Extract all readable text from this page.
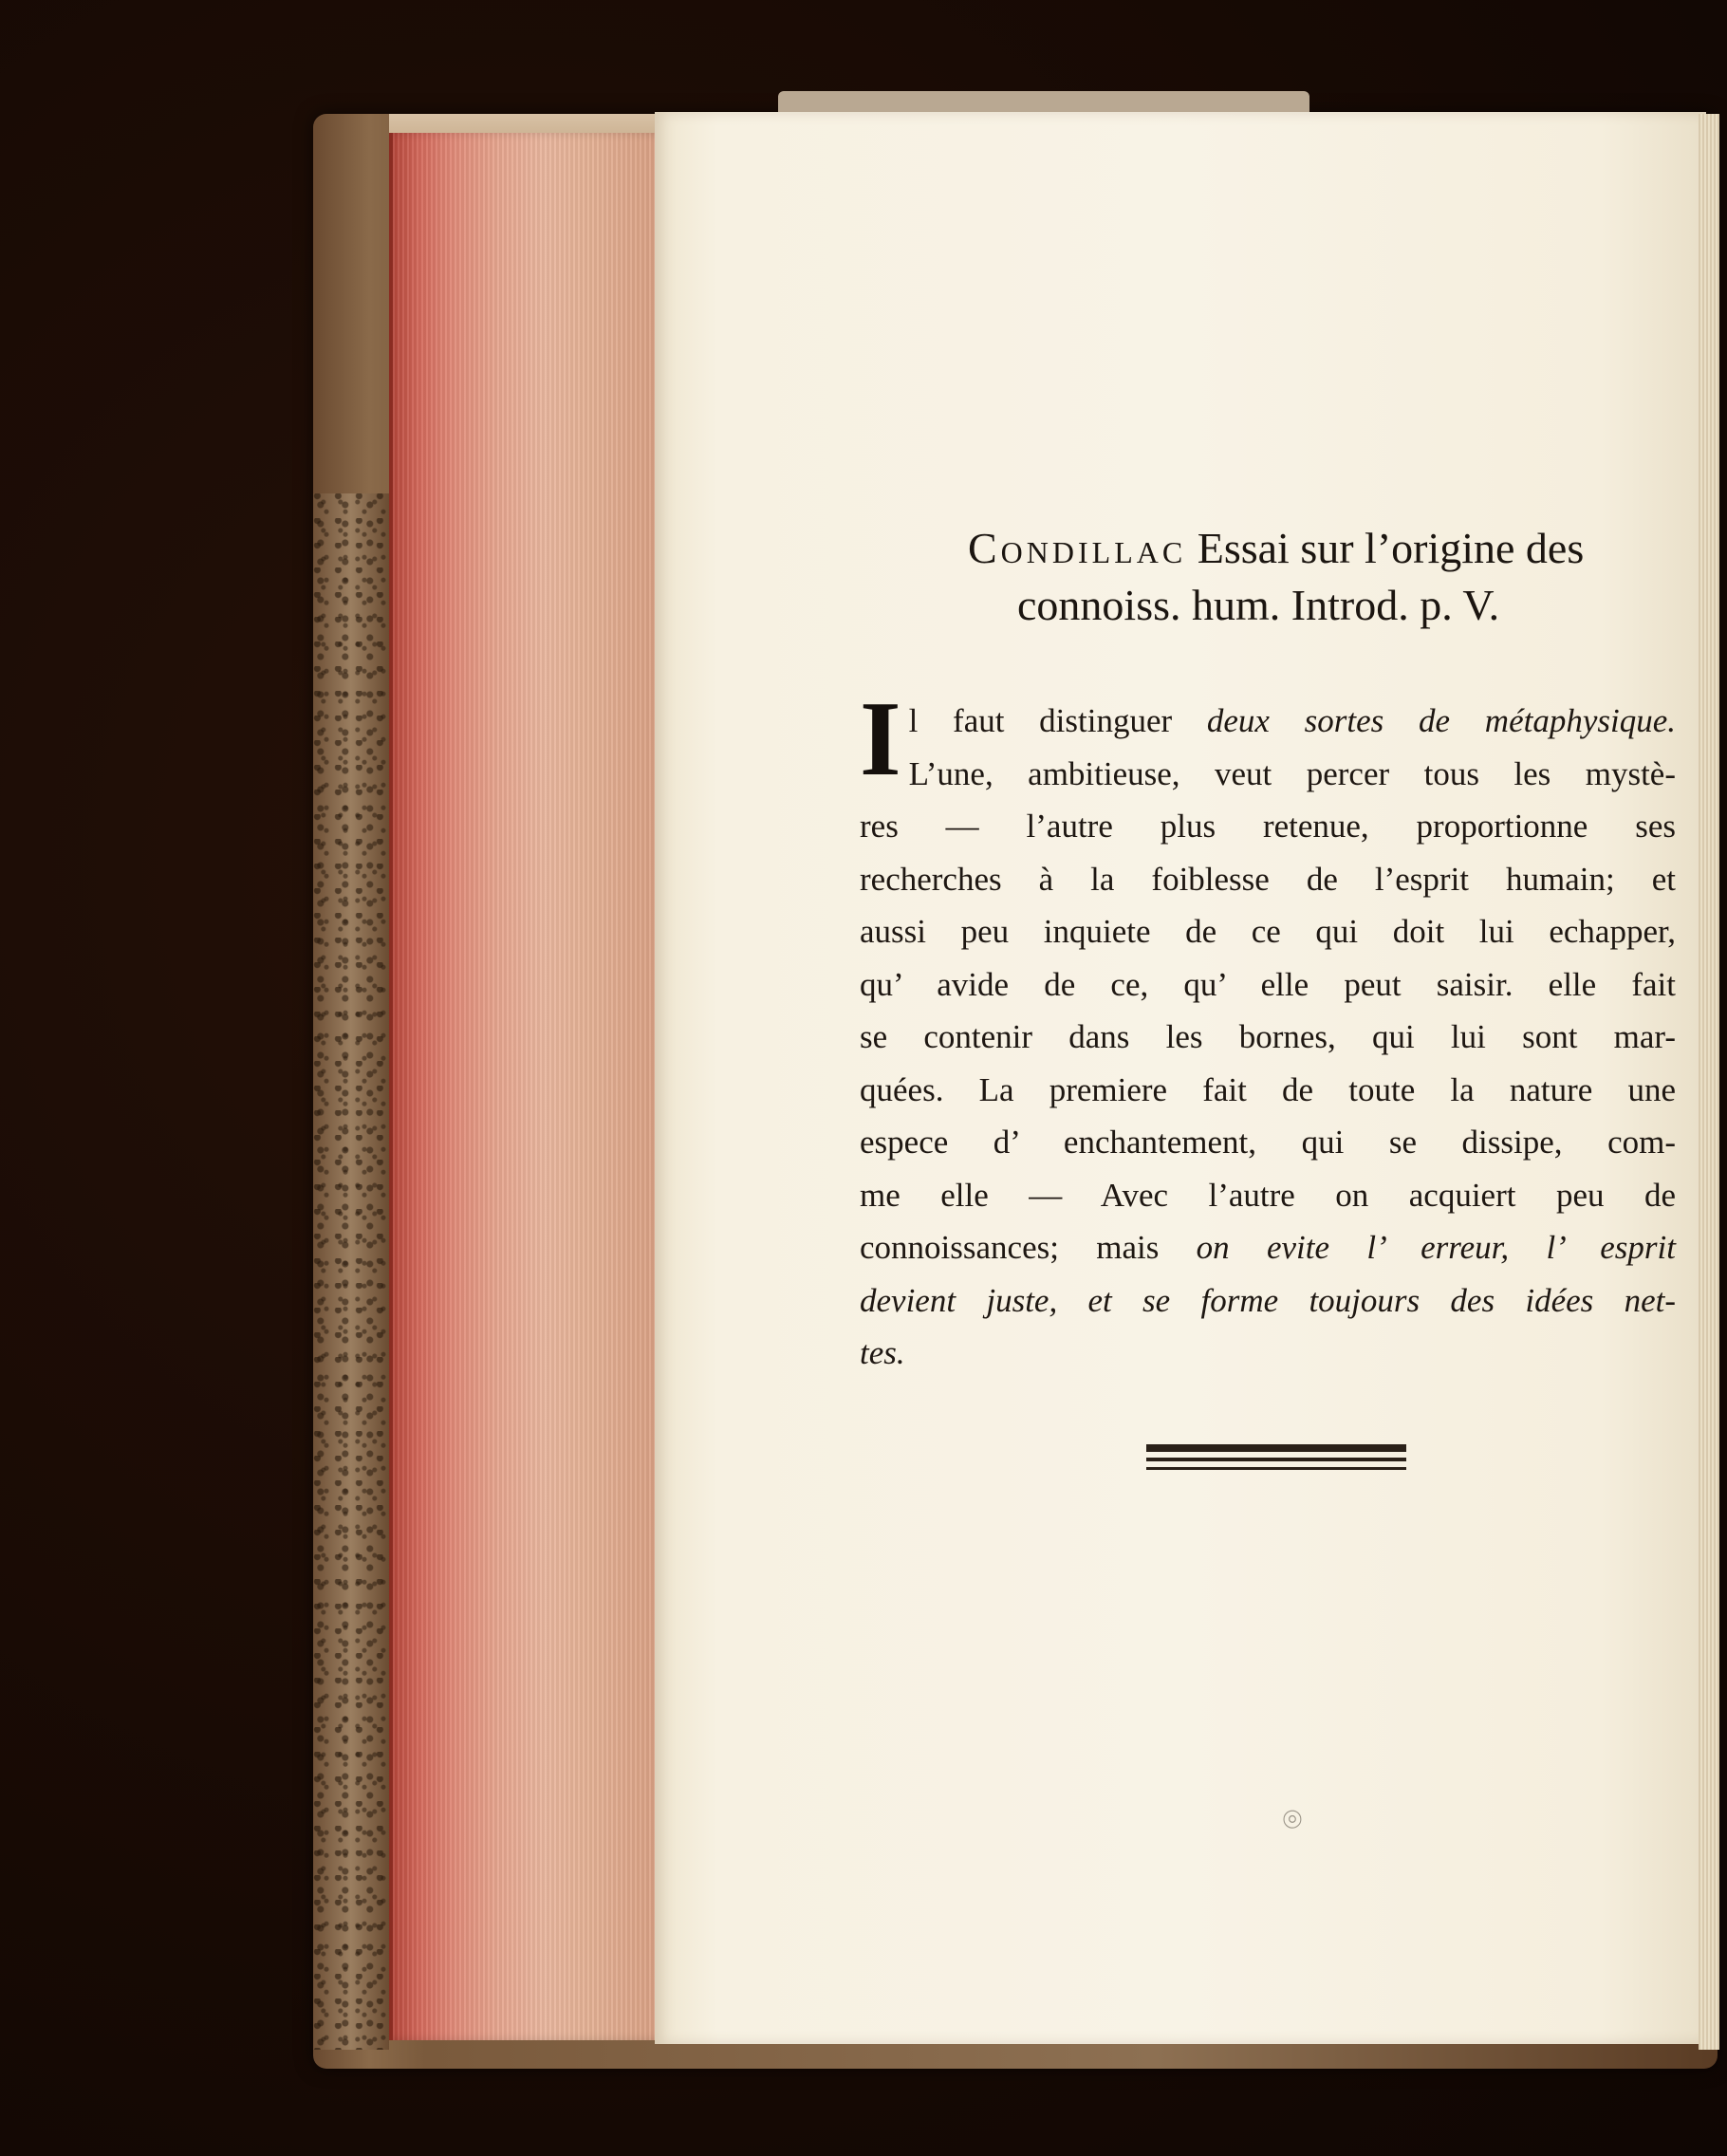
Condillac Essai sur l’origine des
connoiss. hum. Introd. p. V.
I l faut distinguer deux sortes de métaphysique.
L’une, ambitieuse, veut percer tous les mystè-
res — l’autre plus retenue, proportionne ses
recherches à la foiblesse de l’esprit humain; et
aussi peu inquiete de ce qui doit lui echapper,
qu’ avide de ce, qu’ elle peut saisir. elle fait
se contenir dans les bornes, qui lui sont mar-
quées. La premiere fait de toute la nature une
espece d’ enchantement, qui se dissipe, com-
me elle — Avec l’autre on acquiert peu de
connoissances; mais on evite l’ erreur, l’ esprit
devient juste, et se forme toujours des idées net-
tes.
⌾
